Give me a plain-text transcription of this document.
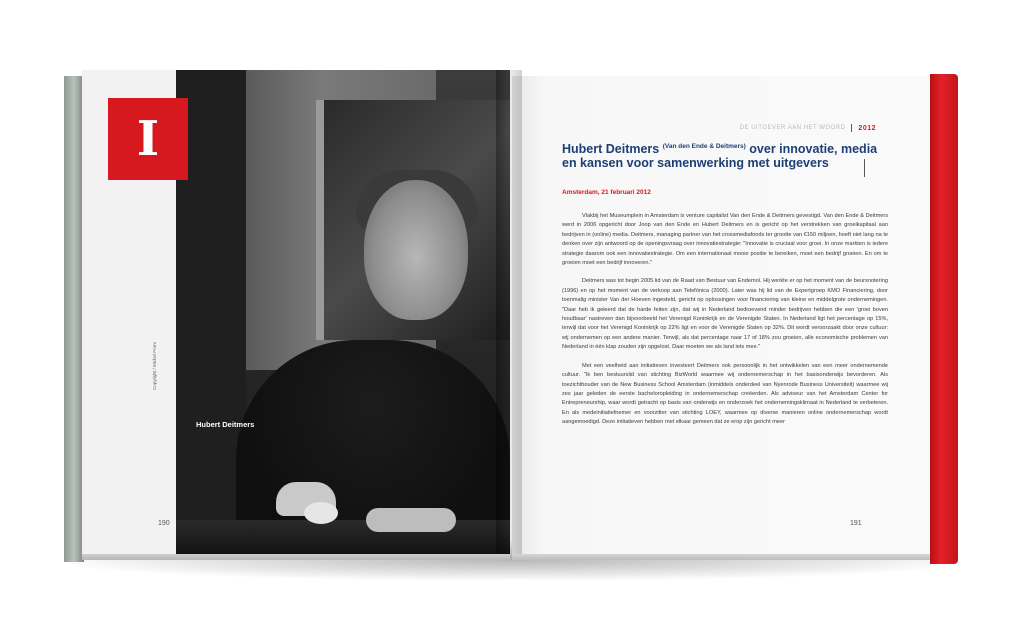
I
Hubert Deitmers
Copyright / Michel Porro
190
DE UITGEVER AAN HET WOORD 2012
Hubert Deitmers $^{(Van den Ende \& Deitmers)}$ over innovatie, media en kansen voor samenwerking met uitgevers
Amsterdam, 21 februari 2012

Vlakbij het Museumplein in Amsterdam is venture capitalist Van den Ende & Deitmers gevestigd. Van den Ende & Deitmers werd in 2006 opgericht door Joop van den Ende en Hubert Deitmers en is gericht op het verstrekken van groeikapitaal aan bedrijven in (online) media. Deitmers, managing partner van het crossmediafonds ter grootte van €150 miljoen, hoeft niet lang na te denken over zijn antwoord op de openingsvraag over innovatiestrategie: "Innovatie is cruciaal voor groei. In onze markten is iedere strategie daarom ook een innovatiestrategie. Om een internationaal mooie positie te bereiken, moet een bedrijf groeien. En om te groeien moet een bedrijf innoveren."

Deitmers was tot begin 2005 lid van de Raad van Bestuur van Endemol. Hij werkte er op het moment van de beursnotering (1996) en op het moment van de verkoop aan Telefónica (2000). Later was hij lid van de Expertgroep KMO Financiering, door toenmalig minister Van der Hoeven ingesteld, gericht op oplossingen voor financiering van kleine en middelgrote ondernemingen. "Daar heb ik geleerd dat de harde feiten zijn, dat wij in Nederland bedroevend minder bedrijven hebben die een 'groei boven houdbaar' nastreven dan bijvoorbeeld het Verenigd Koninkrijk en de Verenigde Staten. In Nederland ligt het percentage op 15%, terwijl dat voor het Verenigd Koninkrijk op 22% ligt en voor de Verenigde Staten op 32%. Dit wordt veroorzaakt door onze cultuur: wij ondernemen op een andere manier. Terwijl, als dat percentage naar 17 of 18% zou groeien, alle economische problemen van Nederland in één klap zouden zijn opgelost. Daar moeten we als land iets mee."

Met een veelheid aan initiatieven investeert Deitmers ook persoonlijk in het ontwikkelen van een meer ondernemende cultuur. "Ik ben bestuurslid van stichting BizWorld waarmee wij ondernemerschap in het basisonderwijs bevorderen. Als toezichthouder van de New Business School Amsterdam (inmiddels onderdeel van Nyenrode Business Universiteit) waarmee wij zes jaar geleden de eerste bacheloropleiding in ondernemerschap creëerden. Als adviseur van het Amsterdam Center for Entrepreneurship, waar wordt getracht op basis van onderwijs en onderzoek het ondernemingsklimaat in Nederland te verbeteren. En als medeinitiatiefnemer en voorzitter van stichting LOEY, waarmee op diverse manieren online ondernemerschap wordt aangemoedigd. Deze initiatieven hebben met elkaar gemeen dat ze erop zijn gericht meer

191
